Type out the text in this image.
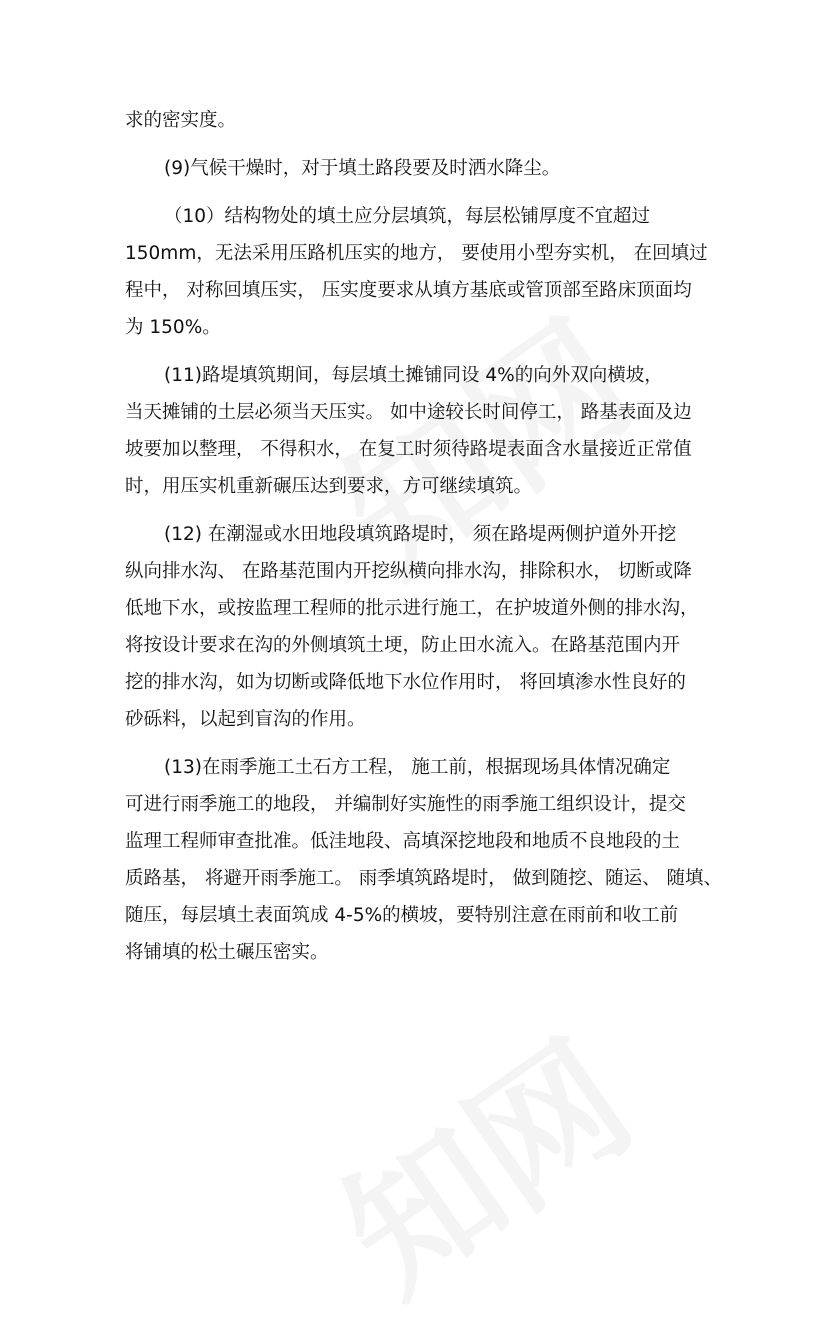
求的密实度。
(9)气候干燥时，对于填土路段要及时洒水降尘。
（10）结构物处的填土应分层填筑，每层松铺厚度不宜超过
150mm，无法采用压路机压实的地方， 要使用小型夯实机， 在回填过
程中， 对称回填压实， 压实度要求从填方基底或管顶部至路床顶面均
为 150%。
(11)路堤填筑期间，每层填土摊铺同设 4%的向外双向横坡，
当天摊铺的土层必须当天压实。 如中途较长时间停工， 路基表面及边
坡要加以整理， 不得积水， 在复工时须待路堤表面含水量接近正常值
时，用压实机重新碾压达到要求，方可继续填筑。
(12) 在潮湿或水田地段填筑路堤时， 须在路堤两侧护道外开挖
纵向排水沟、 在路基范围内开挖纵横向排水沟，排除积水， 切断或降
低地下水，或按监理工程师的批示进行施工，在护坡道外侧的排水沟，
将按设计要求在沟的外侧填筑土埂，防止田水流入。在路基范围内开
挖的排水沟，如为切断或降低地下水位作用时， 将回填渗水性良好的
砂砾料，以起到盲沟的作用。
(13)在雨季施工土石方工程， 施工前，根据现场具体情况确定
可进行雨季施工的地段， 并编制好实施性的雨季施工组织设计，提交
监理工程师审查批准。低洼地段、高填深挖地段和地质不良地段的土
质路基， 将避开雨季施工。 雨季填筑路堤时， 做到随挖、随运、 随填、
随压，每层填土表面筑成 4-5%的横坡，要特别注意在雨前和收工前
将铺填的松土碾压密实。
